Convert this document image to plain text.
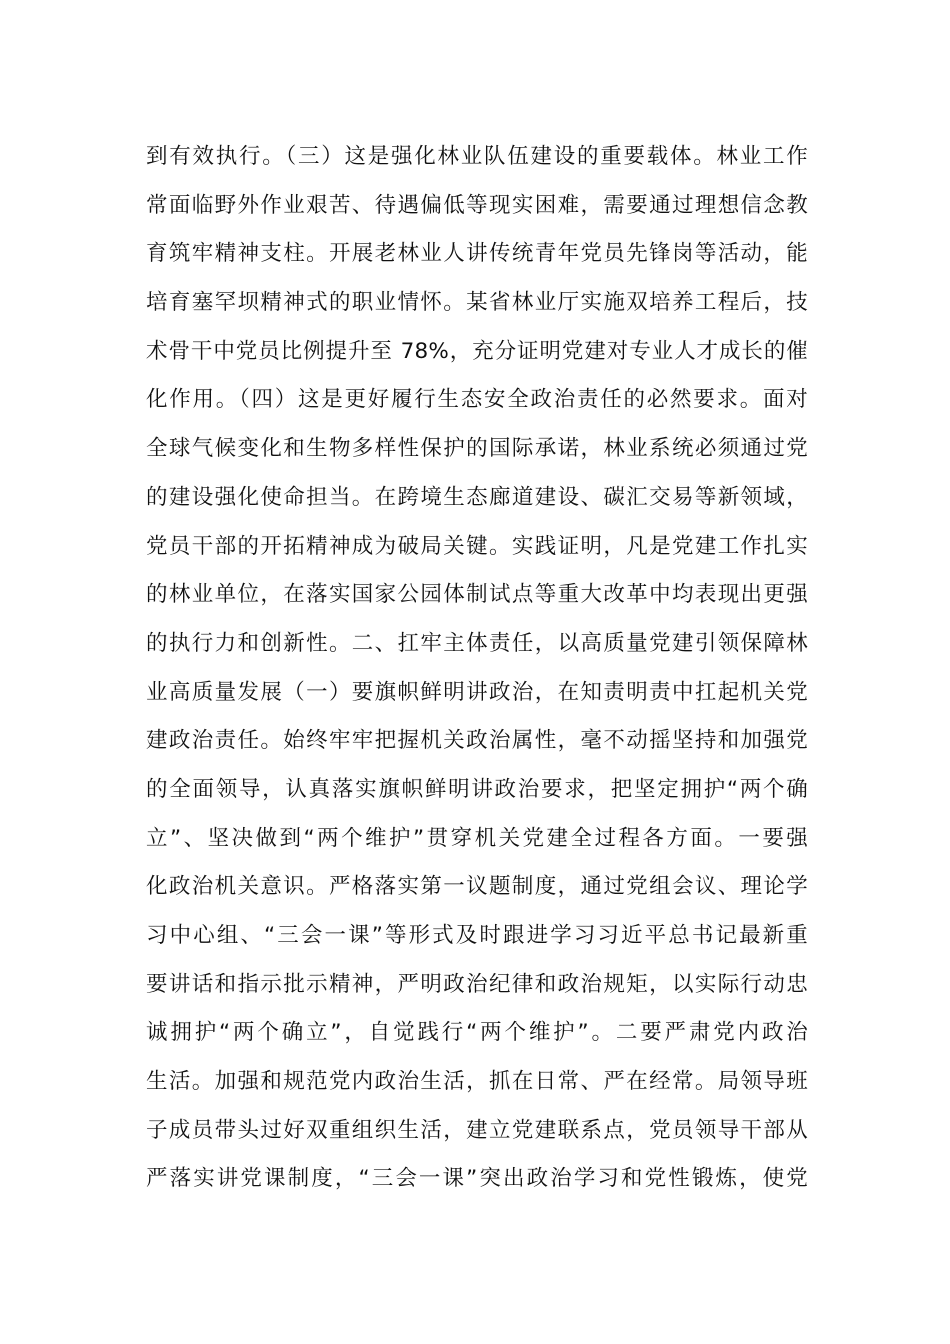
到有效执行。（三）这是强化林业队伍建设的重要载体。林业工作
常面临野外作业艰苦、待遇偏低等现实困难，需要通过理想信念教
育筑牢精神支柱。开展老林业人讲传统青年党员先锋岗等活动，能
培育塞罕坝精神式的职业情怀。某省林业厅实施双培养工程后，技
术骨干中党员比例提升至 78%，充分证明党建对专业人才成长的催
化作用。（四）这是更好履行生态安全政治责任的必然要求。面对
全球气候变化和生物多样性保护的国际承诺，林业系统必须通过党
的建设强化使命担当。在跨境生态廊道建设、碳汇交易等新领域，
党员干部的开拓精神成为破局关键。实践证明，凡是党建工作扎实
的林业单位，在落实国家公园体制试点等重大改革中均表现出更强
的执行力和创新性。二、扛牢主体责任，以高质量党建引领保障林
业高质量发展（一）要旗帜鲜明讲政治，在知责明责中扛起机关党
建政治责任。始终牢牢把握机关政治属性，毫不动摇坚持和加强党
的全面领导，认真落实旗帜鲜明讲政治要求，把坚定拥护“两个确
立”、坚决做到“两个维护”贯穿机关党建全过程各方面。一要强
化政治机关意识。严格落实第一议题制度，通过党组会议、理论学
习中心组、“三会一课”等形式及时跟进学习习近平总书记最新重
要讲话和指示批示精神，严明政治纪律和政治规矩，以实际行动忠
诚拥护“两个确立”，自觉践行“两个维护”。二要严肃党内政治
生活。加强和规范党内政治生活，抓在日常、严在经常。局领导班
子成员带头过好双重组织生活，建立党建联系点，党员领导干部从
严落实讲党课制度，“三会一课”突出政治学习和党性锻炼，使党
